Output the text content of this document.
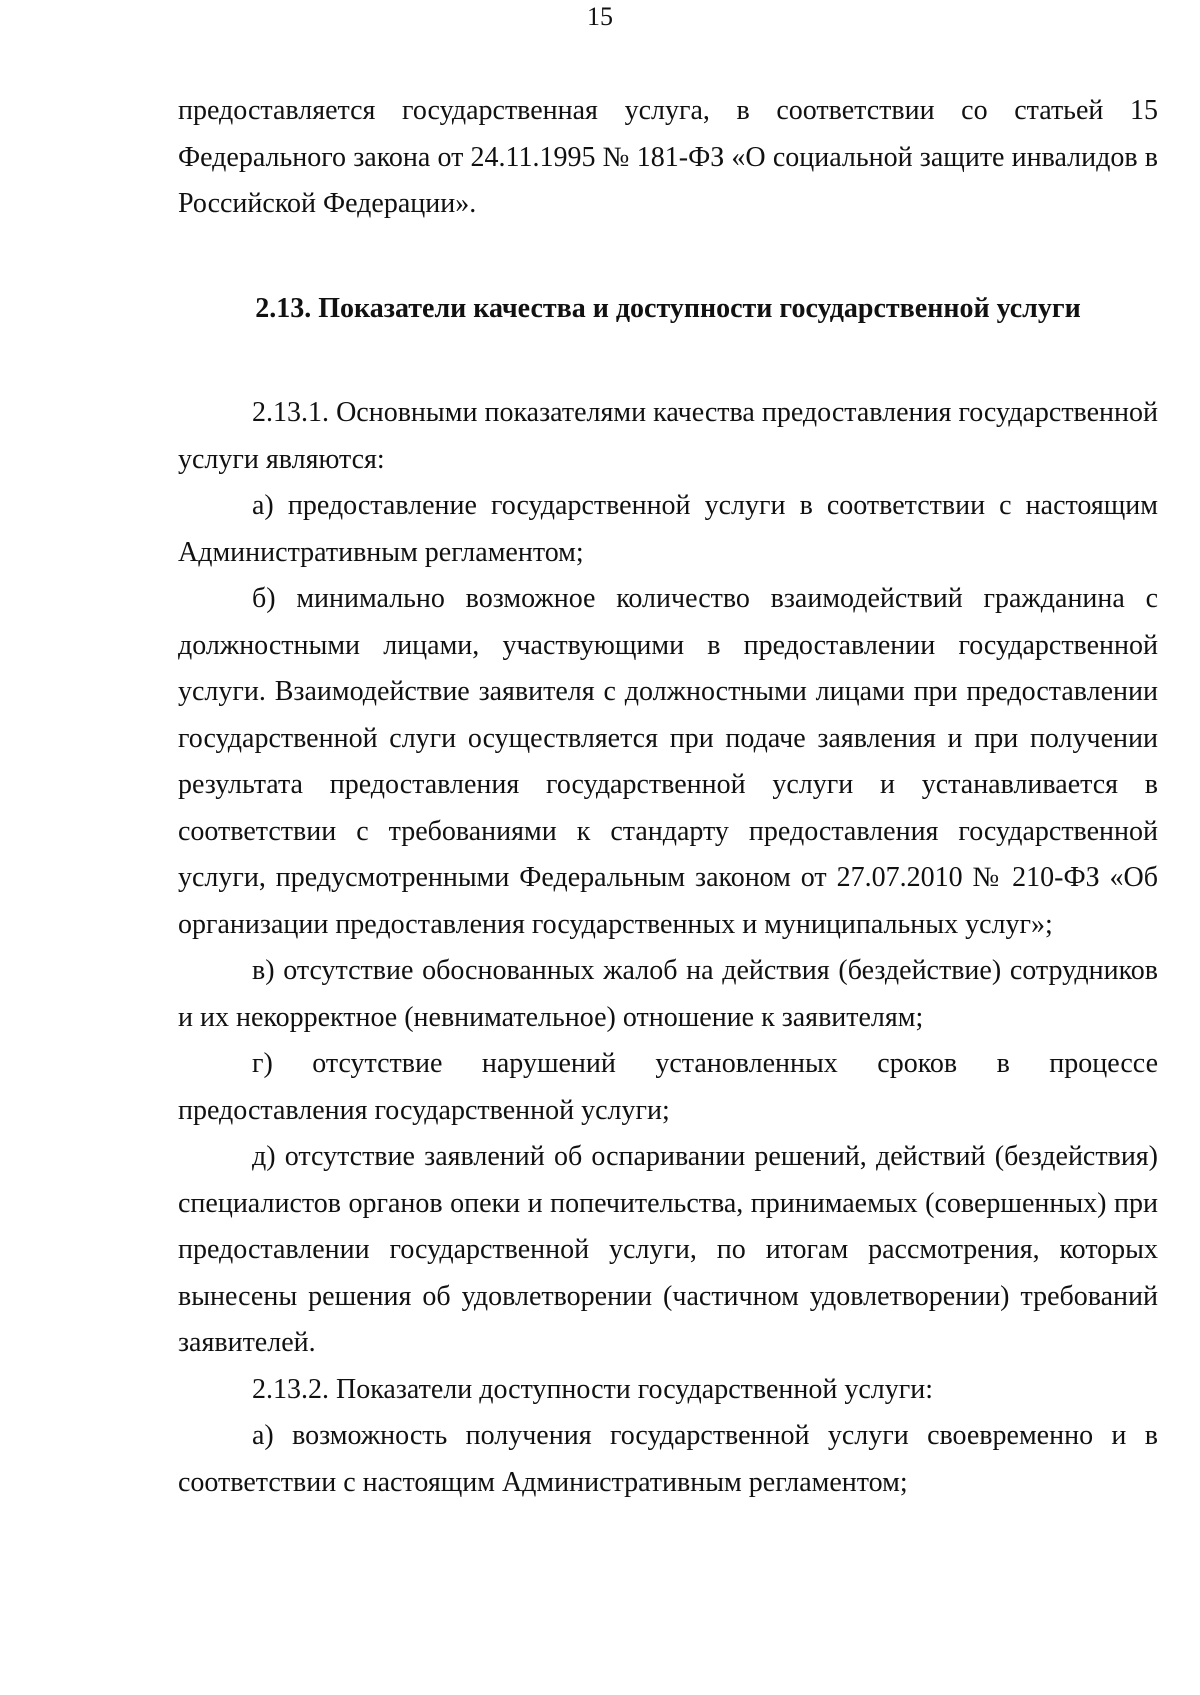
15

предоставляется государственная услуга, в соответствии со статьей 15 Федерального закона от 24.11.1995 № 181-ФЗ «О социальной защите инвалидов в Российской Федерации».

2.13. Показатели качества и доступности государственной услуги

2.13.1. Основными показателями качества предоставления государственной услуги являются:

а) предоставление государственной услуги в соответствии с настоящим Административным регламентом;

б) минимально возможное количество взаимодействий гражданина с должностными лицами, участвующими в предоставлении государственной услуги. Взаимодействие заявителя с должностными лицами при предоставлении государственной слуги осуществляется при подаче заявления и при получении результата предоставления государственной услуги и устанавливается в соответствии с требованиями к стандарту предоставления государственной услуги, предусмотренными Федеральным законом от 27.07.2010 № 210-ФЗ «Об организации предоставления государственных и муниципальных услуг»;

в) отсутствие обоснованных жалоб на действия (бездействие) сотрудников и их некорректное (невнимательное) отношение к заявителям;

г) отсутствие нарушений установленных сроков в процессе предоставления государственной услуги;

д) отсутствие заявлений об оспаривании решений, действий (бездействия) специалистов органов опеки и попечительства, принимаемых (совершенных) при предоставлении государственной услуги, по итогам рассмотрения, которых вынесены решения об удовлетворении (частичном удовлетворении) требований заявителей.

2.13.2. Показатели доступности государственной услуги:

а) возможность получения государственной услуги своевременно и в соответствии с настоящим Административным регламентом;
